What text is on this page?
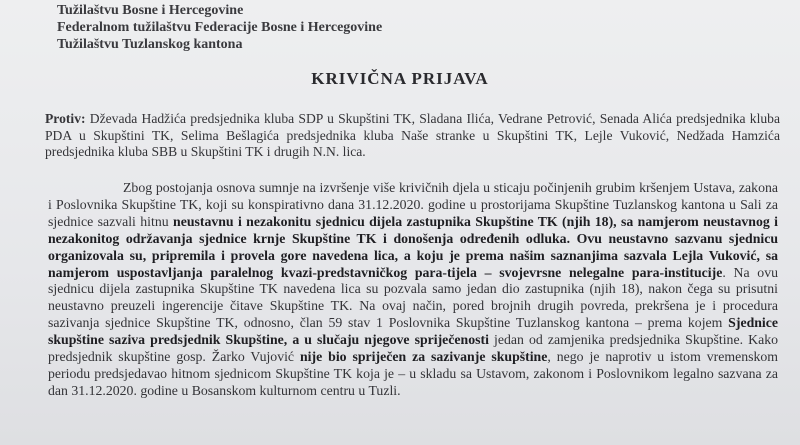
Tužilaštvu Bosne i Hercegovine
Federalnom tužilaštvu Federacije Bosne i Hercegovine
Tužilaštvu Tuzlanskog kantona
KRIVIČNA PRIJAVA
Protiv: Dževada Hadžića predsjednika kluba SDP u Skupštini TK, Sladana Ilića, Vedrane Petrović, Senada Alića predsjednika kluba PDA u Skupštini TK, Selima Bešlagića predsjednika kluba Naše stranke u Skupštini TK, Lejle Vuković, Nedžada Hamzića predsjednika kluba SBB u Skupštini TK i drugih N.N. lica.
Zbog postojanja osnova sumnje na izvršenje više krivičnih djela u sticaju počinjenih grubim kršenjem Ustava, zakona i Poslovnika Skupštine TK, koji su konspirativno dana 31.12.2020. godine u prostorijama Skupštine Tuzlanskog kantona u Sali za sjednice sazvali hitnu neustavnu i nezakonitu sjednicu dijela zastupnika Skupštine TK (njih 18), sa namjerom neustavnog i nezakonitog održavanja sjednice krnje Skupštine TK i donošenja određenih odluka. Ovu neustavno sazvanu sjednicu organizovala su, pripremila i provela gore navedena lica, a koju je prema našim saznanjima sazvala Lejla Vuković, sa namjerom uspostavljanja paralelnog kvazi-predstavničkog para-tijela – svojevrsne nelegalne para-institucije. Na ovu sjednicu dijela zastupnika Skupštine TK navedena lica su pozvala samo jedan dio zastupnika (njih 18), nakon čega su prisutni neustavno preuzeli ingerencije čitave Skupštine TK. Na ovaj način, pored brojnih drugih povreda, prekršena je i procedura sazivanja sjednice Skupštine TK, odnosno, član 59 stav 1 Poslovnika Skupštine Tuzlanskog kantona – prema kojem Sjednice skupštine saziva predsjednik Skupštine, a u slučaju njegove spriječenosti jedan od zamjenika predsjednika Skupštine. Kako predsjednik skupštine gosp. Žarko Vujović nije bio spriječen za sazivanje skupštine, nego je naprotiv u istom vremenskom periodu predsjedavao hitnom sjednicom Skupštine TK koja je – u skladu sa Ustavom, zakonom i Poslovnikom legalno sazvana za dan 31.12.2020. godine u Bosanskom kulturnom centru u Tuzli.
